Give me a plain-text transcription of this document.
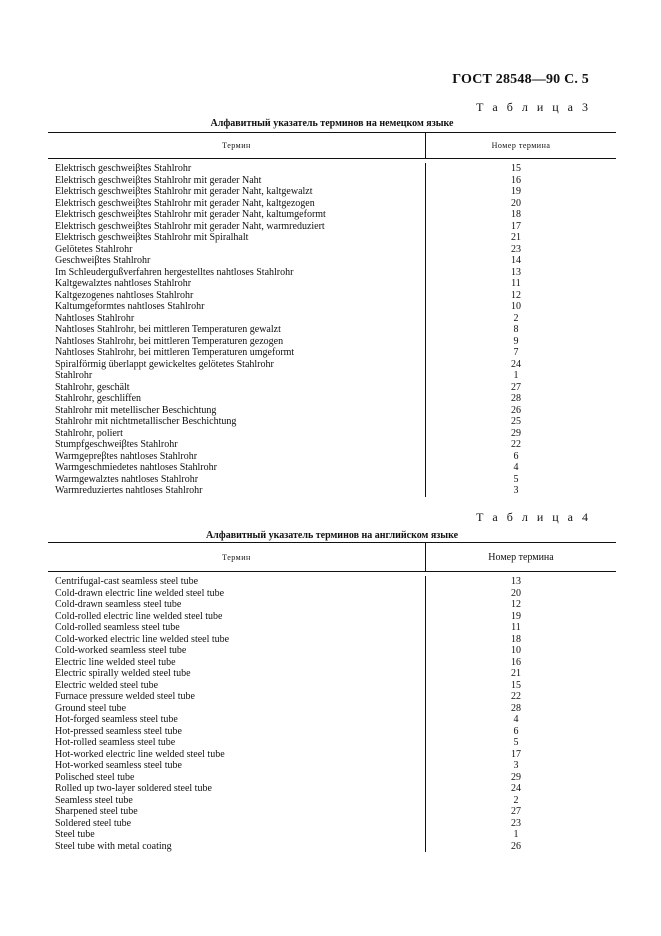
ГОСТ 28548—90 С. 5
Т а б л и ц а 3
Алфавитный указатель терминов на немецком языке
Термин	Номер термина
Elektrisch geschweiβtes Stahlrohr
Elektrisch geschweiβtes Stahlrohr mit gerader Naht
Elektrisch geschweiβtes Stahlrohr mit gerader Naht, kaltgewalzt
Elektrisch geschweiβtes Stahlrohr mit gerader Naht, kaltgezogen
Elektrisch geschweiβtes Stahlrohr mit gerader Naht, kaltumgeformt
Elektrisch geschweiβtes Stahlrohr mit gerader Naht, warmreduziert
Elektrisch geschweiβtes Stahlrohr mit Spiralhalt
Gelötetes Stahlrohr
Geschweiβtes Stahlrohr
Im Schleudergußverfahren hergestelltes nahtloses Stahlrohr
Kaltgewalztes nahtloses Stahlrohr
Kaltgezogenes nahtloses Stahlrohr
Kaltumgeformtes nahtloses Stahlrohr
Nahtloses Stahlrohr
Nahtloses Stahlrohr, bei mittleren Temperaturen gewalzt
Nahtloses Stahlrohr, bei mittleren Temperaturen gezogen
Nahtloses Stahlrohr, bei mittleren Temperaturen umgeformt
Spiralförmig überlappt gewickeltes gelötetes Stahlrohr
Stahlrohr
Stahlrohr, geschält
Stahlrohr, geschliffen
Stahlrohr mit metellischer Beschichtung
Stahlrohr mit nichtmetallischer Beschichtung
Stahlrohr, poliert
Stumpfgeschweiβtes Stahlrohr
Warmgepreβtes nahtloses Stahlrohr
Warmgeschmiedetes nahtloses Stahlrohr
Warmgewalztes nahtloses Stahlrohr
Warmreduziertes nahtloses Stahlrohr
15
16
19
20
18
17
21
23
14
13
11
12
10
2
8
9
7
24
1
27
28
26
25
29
22
6
4
5
3
Т а б л и ц а 4
Алфавитный указатель терминов на английском языке
Термин	Номер термина
Centrifugal-cast seamless steel tube
Cold-drawn electric line welded steel tube
Cold-drawn seamless steel tube
Cold-rolled electric line welded steel tube
Cold-rolled seamless steel tube
Cold-worked electric line welded steel tube
Cold-worked seamless steel tube
Electric line welded steel tube
Electric spirally welded steel tube
Electric welded steel tube
Furnace pressure welded steel tube
Ground steel tube
Hot-forged seamless steel tube
Hot-pressed seamless steel tube
Hot-rolled seamless steel tube
Hot-worked electric line welded steel tube
Hot-worked seamless steel tube
Polisched steel tube
Rolled up two-layer soldered steel tube
Seamless steel tube
Sharpened steel tube
Soldered steel tube
Steel tube
Steel tube with metal coating
13
20
12
19
11
18
10
16
21
15
22
28
4
6
5
17
3
29
24
2
27
23
1
26
